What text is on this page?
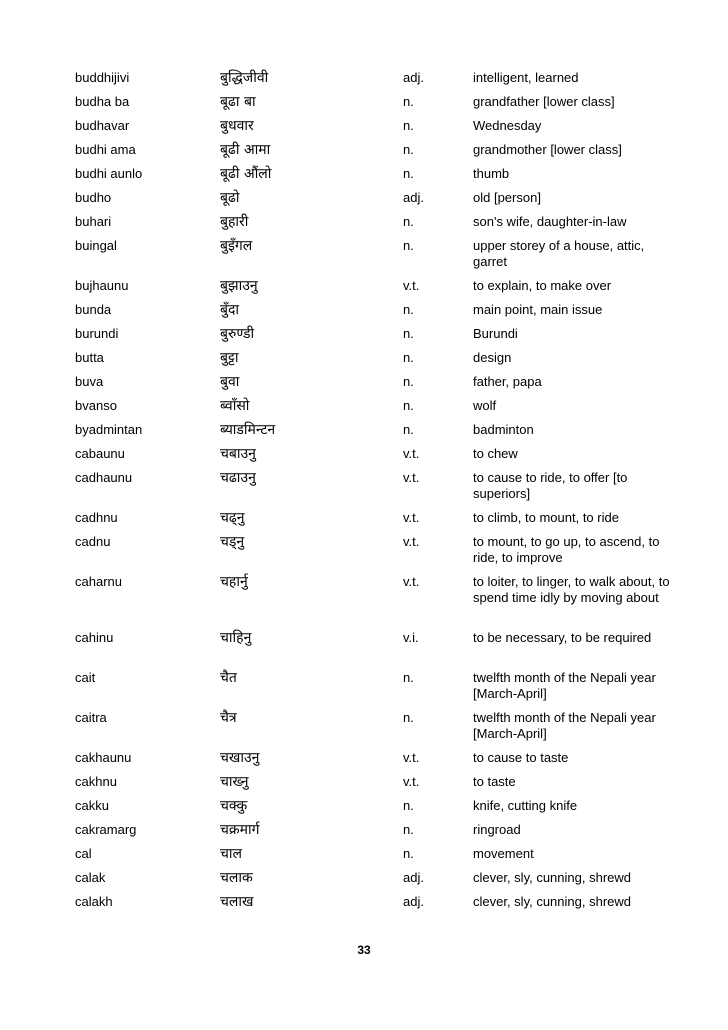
buddhijivi	बुद्धिजीवी	adj.	intelligent, learned
budha ba	बूढा बा	n.	grandfather [lower class]
budhavar	बुधवार	n.	Wednesday
budhi ama	बूढी आमा	n.	grandmother [lower class]
budhi aunlo	बूढी औंलो	n.	thumb
budho	बूढो	adj.	old [person]
buhari	बुहारी	n.	son's wife, daughter-in-law
buingal	बुइँगल	n.	upper storey of a house, attic, garret
bujhaunu	बुझाउनु	v.t.	to explain, to make over
bunda	बुँदा	n.	main point, main issue
burundi	बुरुण्डी	n.	Burundi
butta	बुट्टा	n.	design
buva	बुवा	n.	father, papa
bvanso	ब्वाँसो	n.	wolf
byadmintan	ब्याडमिन्टन	n.	badminton
cabaunu	चबाउनु	v.t.	to chew
cadhaunu	चढाउनु	v.t.	to cause to ride, to offer [to superiors]
cadhnu	चढ्नु	v.t.	to climb, to mount, to ride
cadnu	चड्नु	v.t.	to mount, to go up, to ascend, to ride, to improve
caharnu	चहार्नु	v.t.	to loiter, to linger, to walk about, to spend time idly by moving about
cahinu	चाहिनु	v.i.	to be necessary, to be required
cait	चैत	n.	twelfth month of the Nepali year [March-April]
caitra	चैत्र	n.	twelfth month of the Nepali year [March-April]
cakhaunu	चखाउनु	v.t.	to cause to taste
cakhnu	चाख्नु	v.t.	to taste
cakku	चक्कु	n.	knife, cutting knife
cakramarg	चक्रमार्ग	n.	ringroad
cal	चाल	n.	movement
calak	चलाक	adj.	clever, sly, cunning, shrewd
calakh	चलाख	adj.	clever, sly, cunning, shrewd
33
